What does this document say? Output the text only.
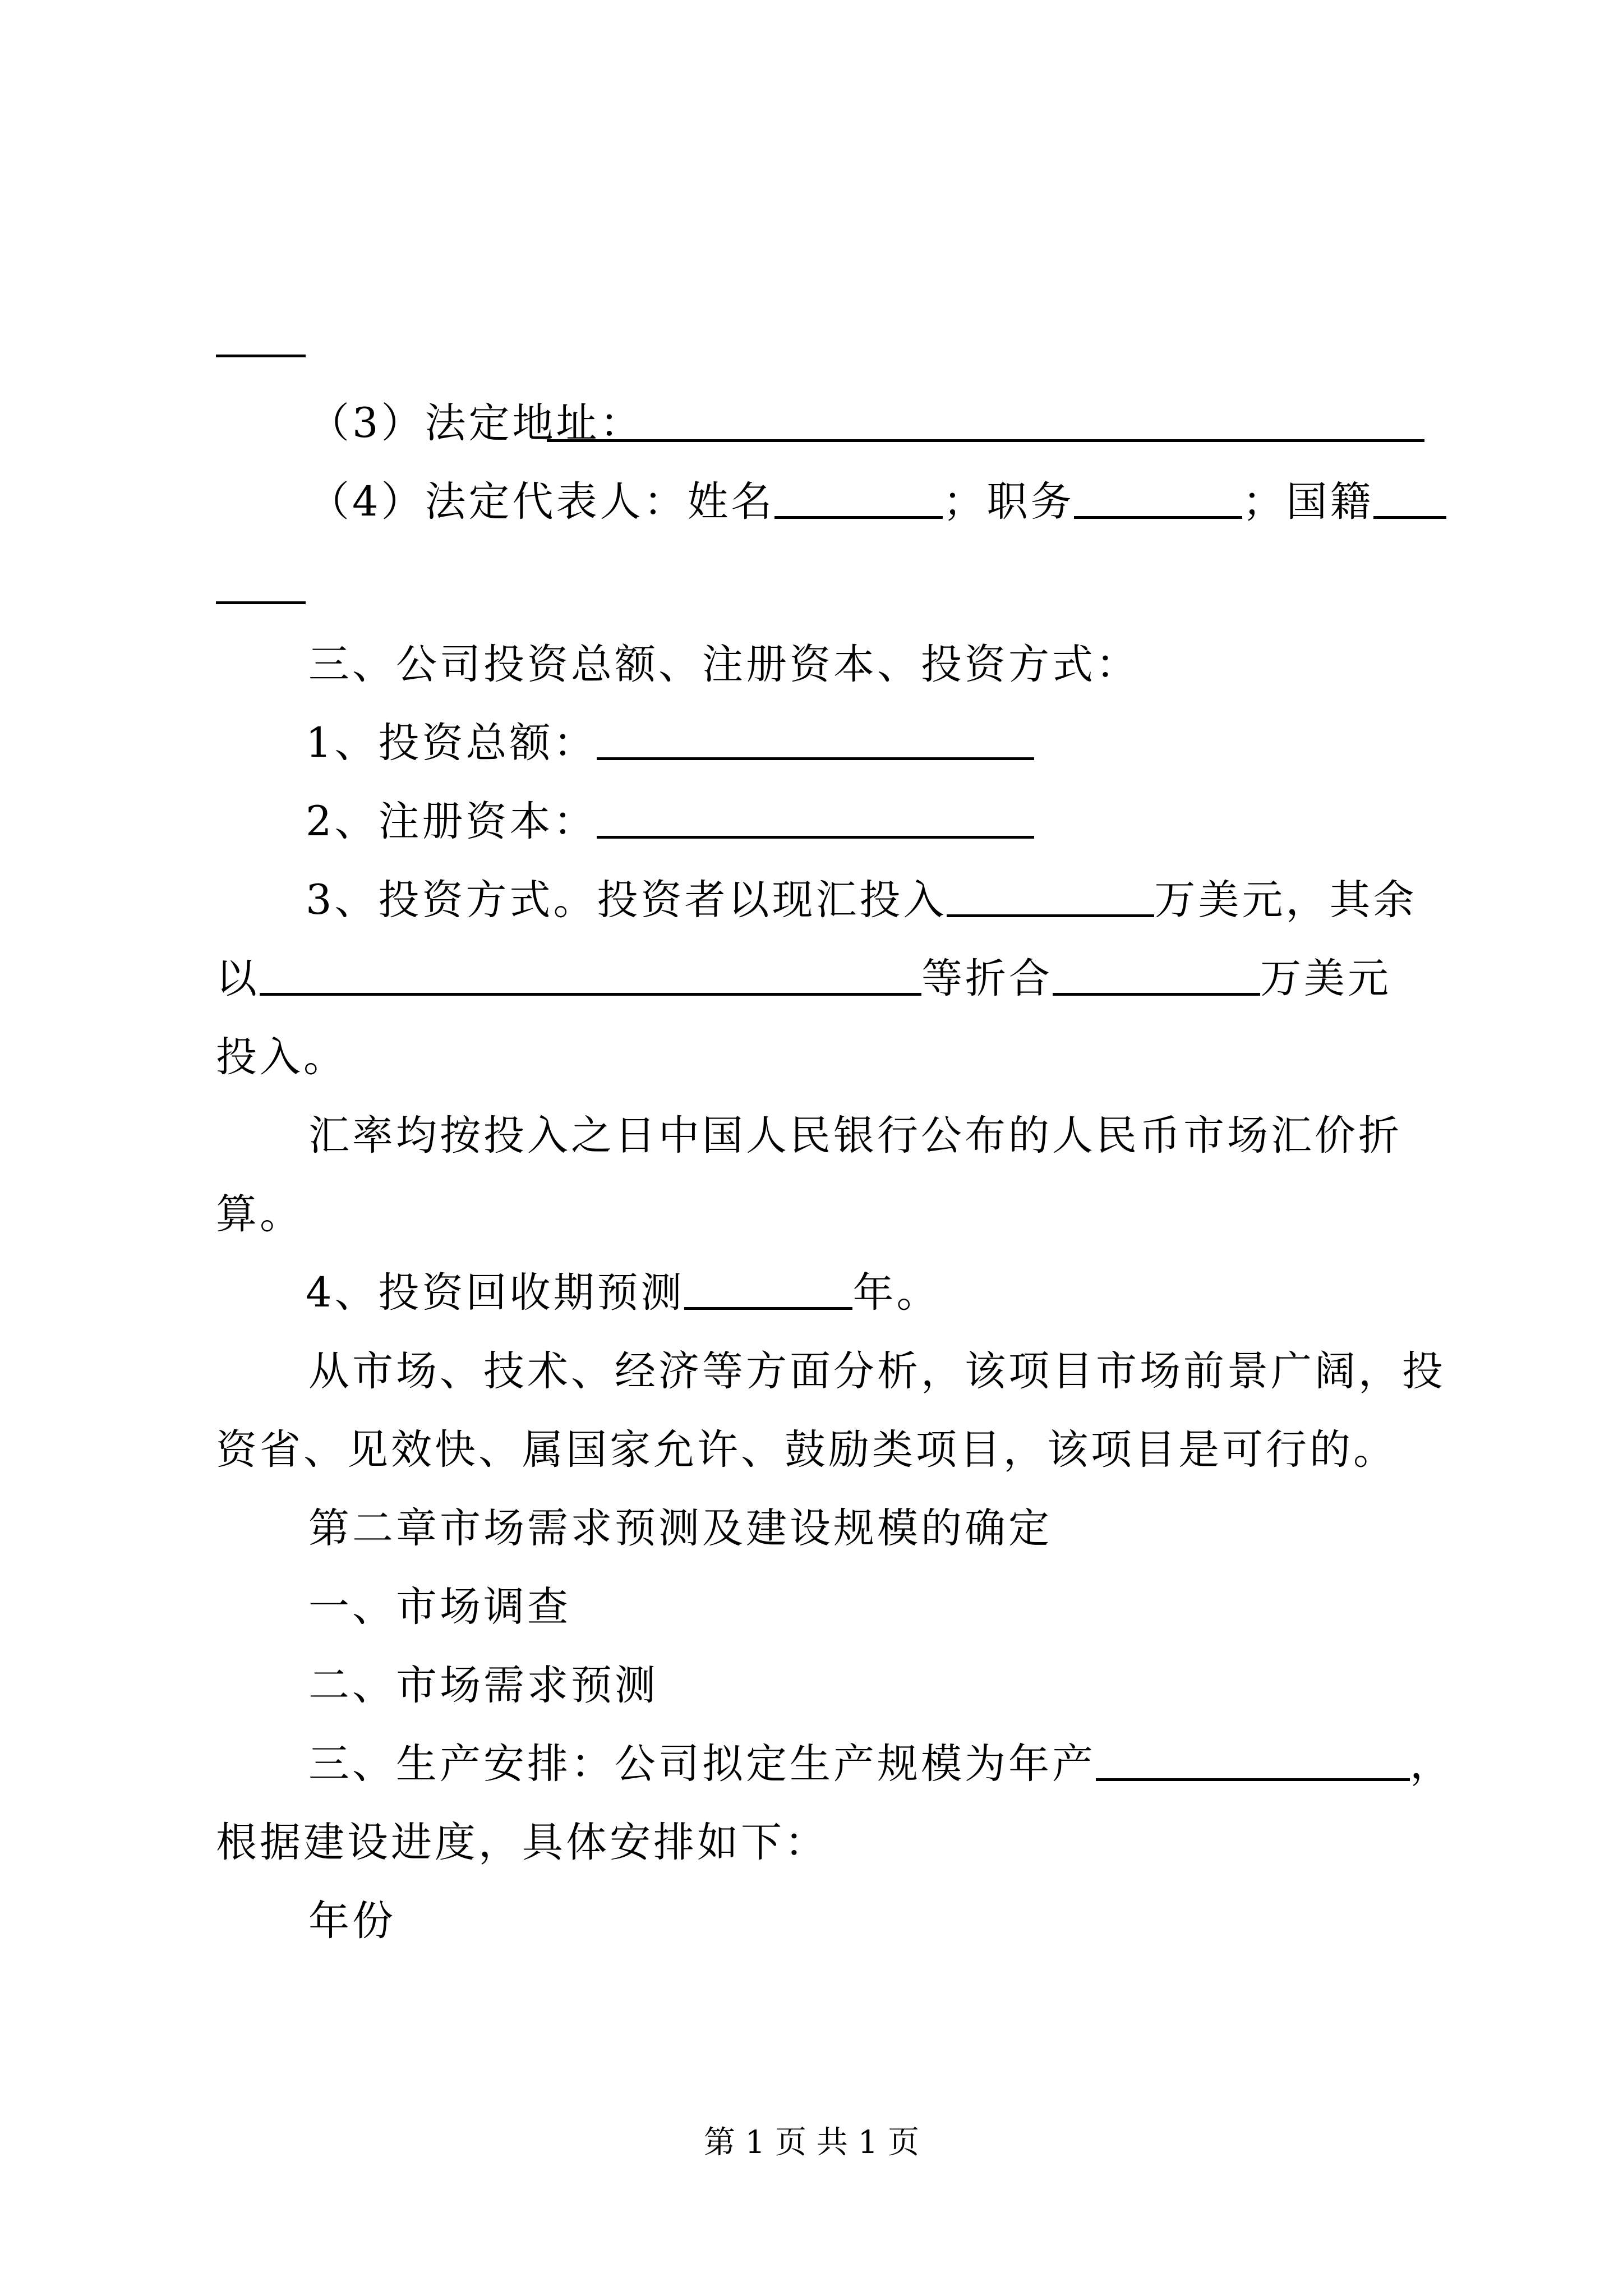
（3）法定地址：
（4）法定代表人：姓名	；职务	；国籍
三、公司投资总额、注册资本、投资方式：
1、投资总额：
2、注册资本：
3、投资方式。投资者以现汇投入	万美元，其余
以	等折合	万美元
投入。
汇率均按投入之日中国人民银行公布的人民币市场汇价折
算。
4、投资回收期预测	年。
从市场、技术、经济等方面分析，该项目市场前景广阔，投
资省、见效快、属国家允许、鼓励类项目，该项目是可行的。
第二章市场需求预测及建设规模的确定
一、市场调查
二、市场需求预测
三、生产安排：公司拟定生产规模为年产	，
根据建设进度，具体安排如下：
年份
第 1 页 共 1 页
